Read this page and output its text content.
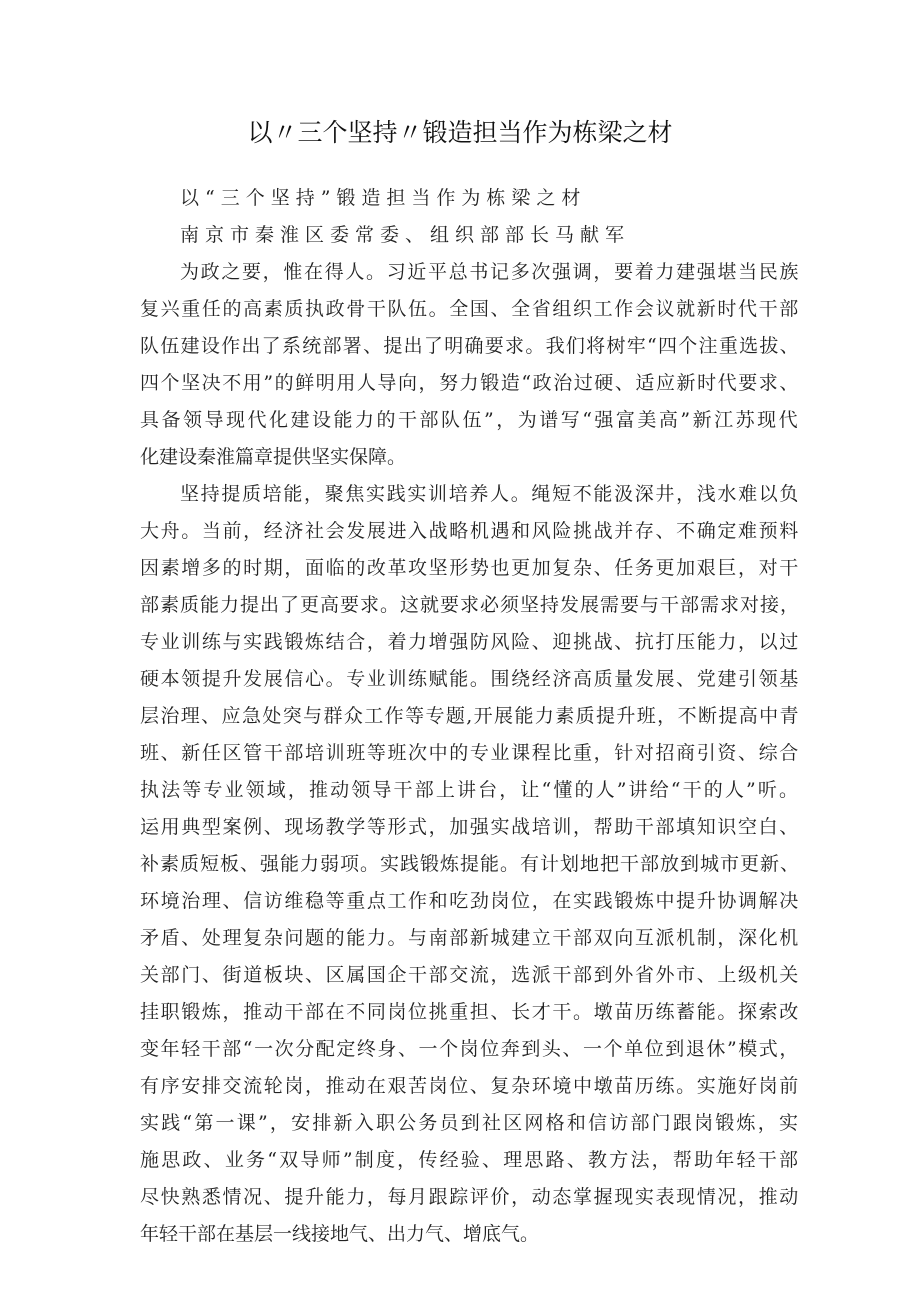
以〃三个坚持〃锻造担当作为栋梁之材
以“三个坚持”锻造担当作为栋梁之材
南京市秦淮区委常委、组织部部长马献军
为政之要，惟在得人。习近平总书记多次强调，要着力建强堪当民族
复兴重任的高素质执政骨干队伍。全国、全省组织工作会议就新时代干部
队伍建设作出了系统部署、提出了明确要求。我们将树牢“四个注重选拔、
四个坚决不用”的鲜明用人导向，努力锻造“政治过硬、适应新时代要求、
具备领导现代化建设能力的干部队伍”，为谱写“强富美高”新江苏现代
化建设秦淮篇章提供坚实保障。
坚持提质培能，聚焦实践实训培养人。绳短不能汲深井，浅水难以负
大舟。当前，经济社会发展进入战略机遇和风险挑战并存、不确定难预料
因素增多的时期，面临的改革攻坚形势也更加复杂、任务更加艰巨，对干
部素质能力提出了更高要求。这就要求必须坚持发展需要与干部需求对接，
专业训练与实践锻炼结合，着力增强防风险、迎挑战、抗打压能力，以过
硬本领提升发展信心。专业训练赋能。围绕经济高质量发展、党建引领基
层治理、应急处突与群众工作等专题,开展能力素质提升班，不断提高中青
班、新任区管干部培训班等班次中的专业课程比重，针对招商引资、综合
执法等专业领域，推动领导干部上讲台，让“懂的人”讲给“干的人”听。
运用典型案例、现场教学等形式，加强实战培训，帮助干部填知识空白、
补素质短板、强能力弱项。实践锻炼提能。有计划地把干部放到城市更新、
环境治理、信访维稳等重点工作和吃劲岗位，在实践锻炼中提升协调解决
矛盾、处理复杂问题的能力。与南部新城建立干部双向互派机制，深化机
关部门、街道板块、区属国企干部交流，选派干部到外省外市、上级机关
挂职锻炼，推动干部在不同岗位挑重担、长才干。墩苗历练蓄能。探索改
变年轻干部“一次分配定终身、一个岗位奔到头、一个单位到退休”模式，
有序安排交流轮岗，推动在艰苦岗位、复杂环境中墩苗历练。实施好岗前
实践“第一课”，安排新入职公务员到社区网格和信访部门跟岗锻炼，实
施思政、业务“双导师”制度，传经验、理思路、教方法，帮助年轻干部
尽快熟悉情况、提升能力，每月跟踪评价，动态掌握现实表现情况，推动
年轻干部在基层一线接地气、出力气、增底气。
